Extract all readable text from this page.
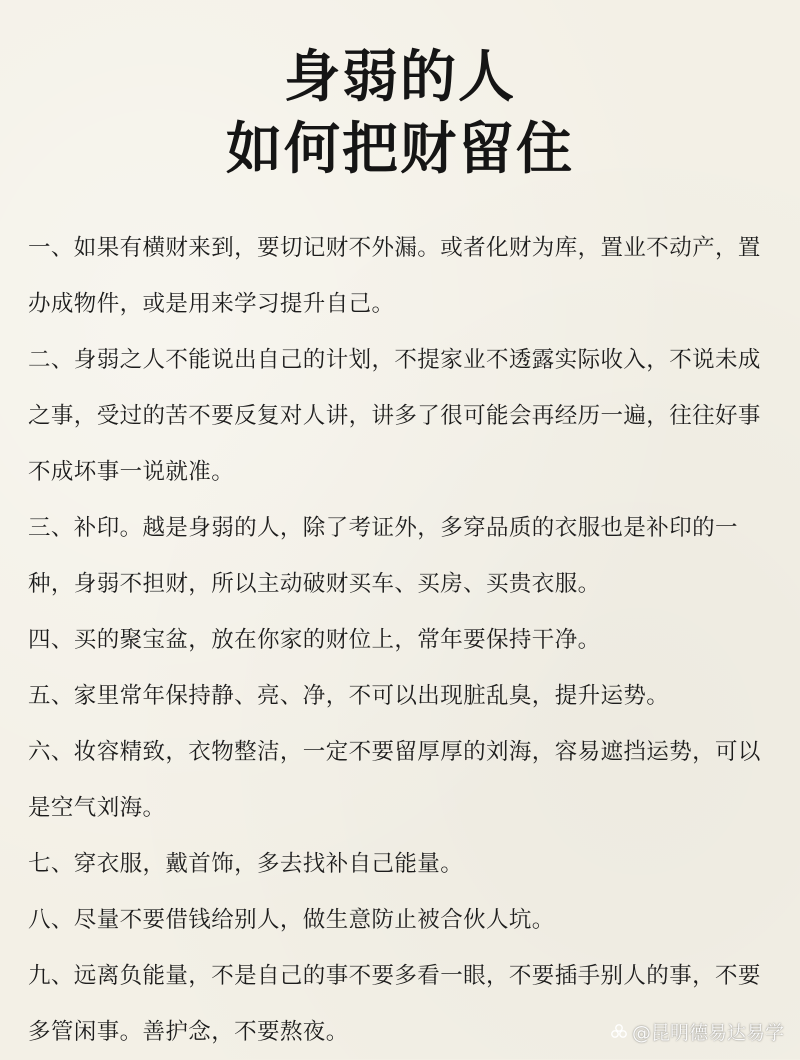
身弱的人
如何把财留住

一、如果有横财来到，要切记财不外漏。或者化财为库，置业不动产，置办成物件，或是用来学习提升自己。

二、身弱之人不能说出自己的计划，不提家业不透露实际收入，不说未成之事，受过的苦不要反复对人讲，讲多了很可能会再经历一遍，往往好事不成坏事一说就准。

三、补印。越是身弱的人，除了考证外，多穿品质的衣服也是补印的一种，身弱不担财，所以主动破财买车、买房、买贵衣服。

四、买的聚宝盆，放在你家的财位上，常年要保持干净。

五、家里常年保持静、亮、净，不可以出现脏乱臭，提升运势。

六、妆容精致，衣物整洁，一定不要留厚厚的刘海，容易遮挡运势，可以是空气刘海。

七、穿衣服，戴首饰，多去找补自己能量。

八、尽量不要借钱给别人，做生意防止被合伙人坑。

九、远离负能量，不是自己的事不要多看一眼，不要插手别人的事，不要多管闲事。善护念，不要熬夜。	@昆明德易达易学
